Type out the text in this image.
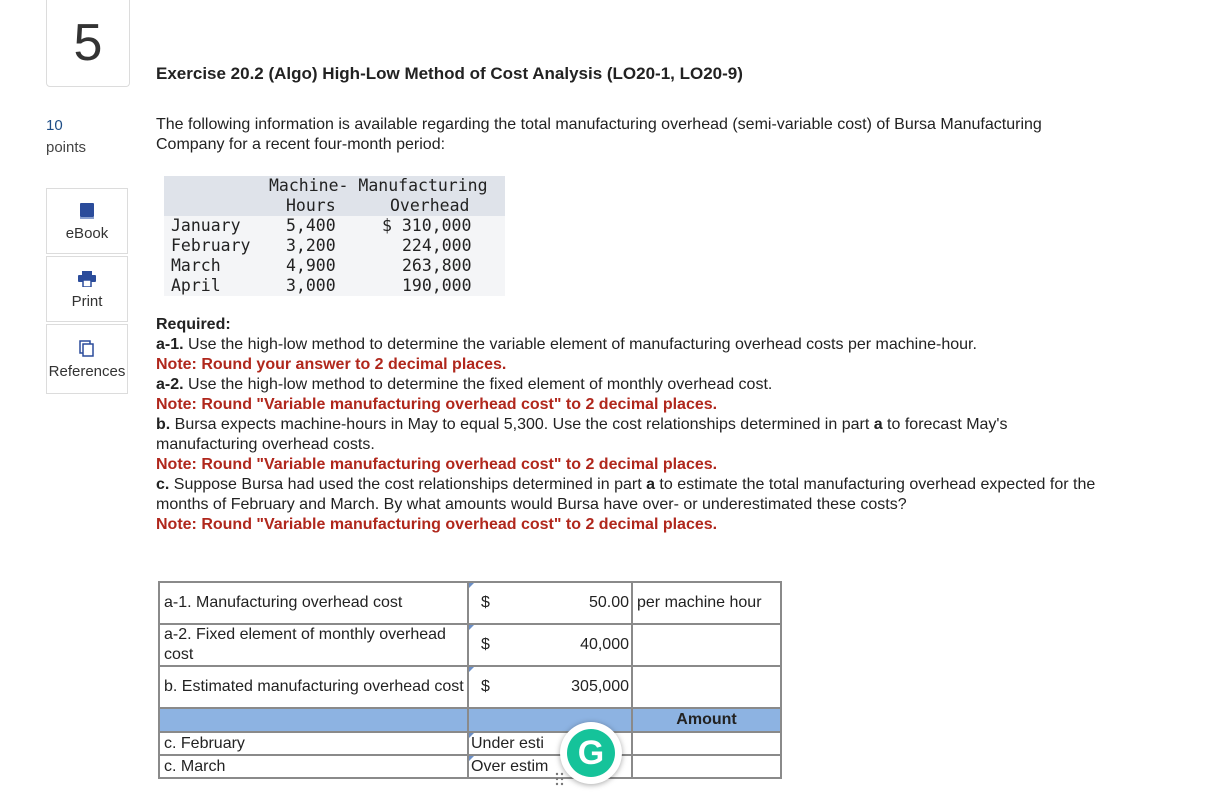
5
10
points
eBook
Print
References
Exercise 20.2 (Algo) High-Low Method of Cost Analysis (LO20-1, LO20-9)
The following information is available regarding the total manufacturing overhead (semi-variable cost) of Bursa Manufacturing Company for a recent four-month period:
Machine- Manufacturing
Hours	Overhead
January	5,400	$ 310,000
February 3,200	224,000
March	4,900	263,800
April	3,000	190,000

Required:

a-1. Use the high-low method to determine the variable element of manufacturing overhead costs per machine-hour.

Note: Round your answer to 2 decimal places.

a-2. Use the high-low method to determine the fixed element of monthly overhead cost.

Note: Round "Variable manufacturing overhead cost" to 2 decimal places.

b. Bursa expects machine-hours in May to equal 5,300. Use the cost relationships determined in part a to forecast May's manufacturing overhead costs.

Note: Round "Variable manufacturing overhead cost" to 2 decimal places.

c. Suppose Bursa had used the cost relationships determined in part a to estimate the total manufacturing overhead expected for the months of February and March. By what amounts would Bursa have over- or underestimated these costs?

Note: Round "Variable manufacturing overhead cost" to 2 decimal places.

a-1. Manufacturing overhead cost	$	50.00	per machine hour
a-2. Fixed element of monthly overhead cost	$	40,000	
b. Estimated manufacturing overhead cost	$	305,000	
			Amount
c. February	Under esti		
c. March	Over estim		G
